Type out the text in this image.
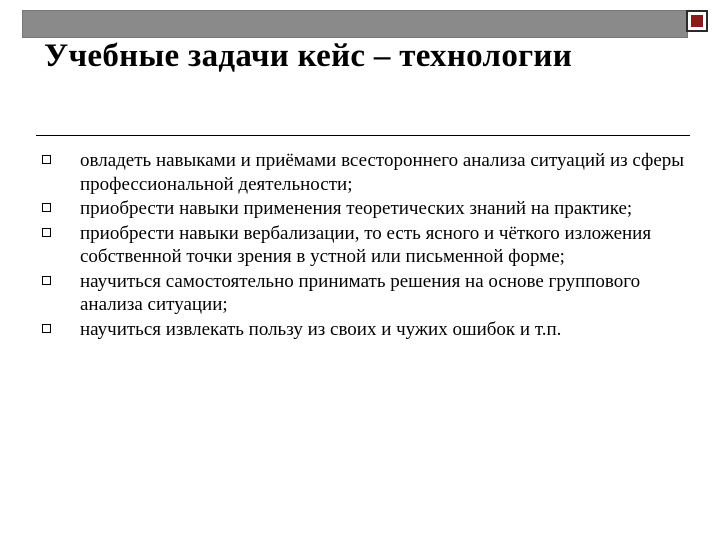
Учебные задачи кейс – технологии
овладеть навыками и приёмами всестороннего анализа ситуаций из сферы профессиональной деятельности;
приобрести навыки применения теоретических знаний на практике;
приобрести навыки вербализации, то есть ясного и чёткого изложения собственной точки зрения в устной или письменной форме;
научиться самостоятельно принимать решения на основе группового анализа ситуации;
научиться извлекать пользу из своих и чужих ошибок и т.п.
